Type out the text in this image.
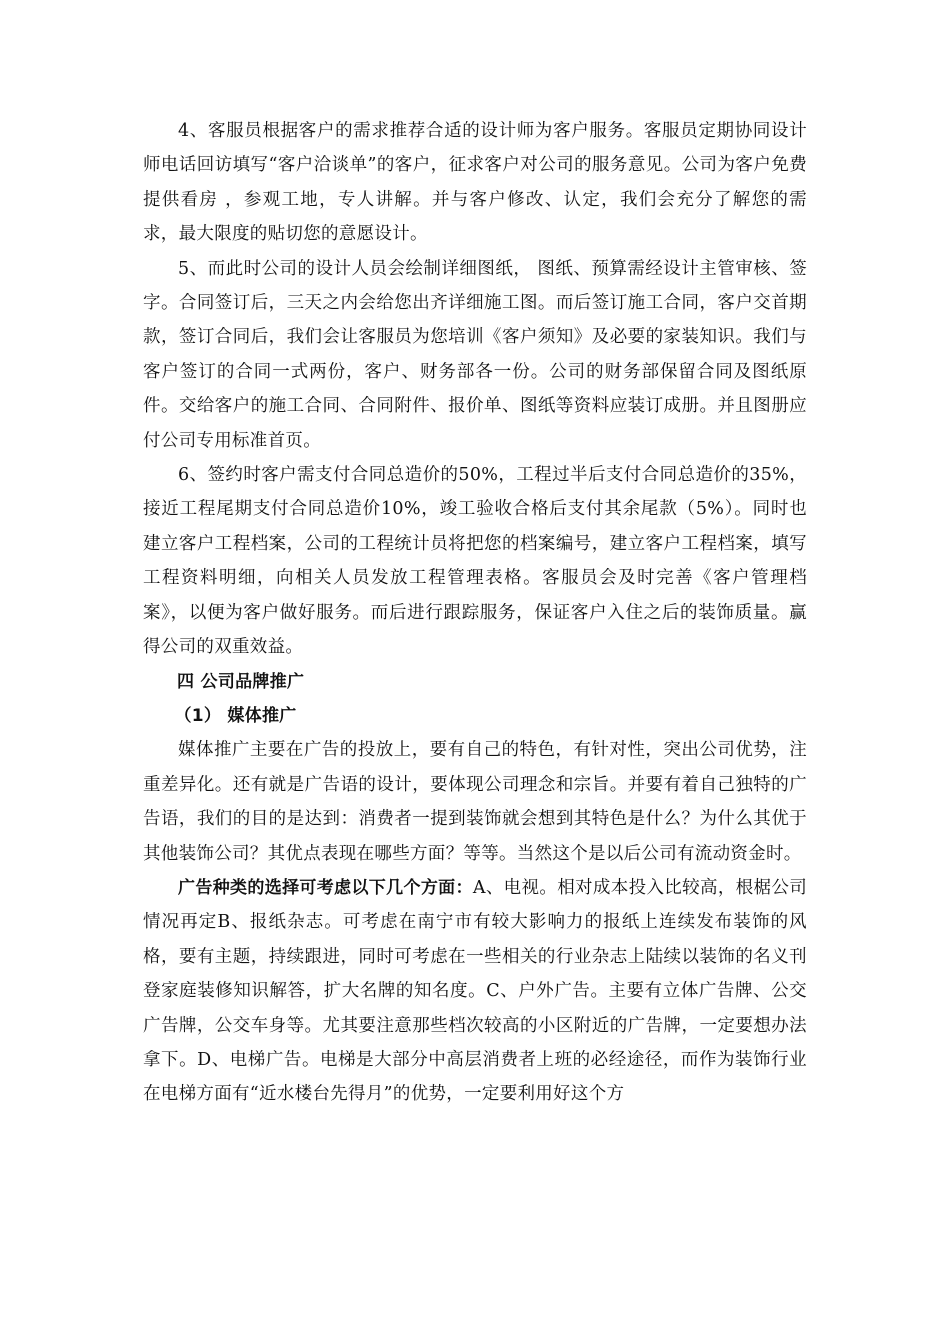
4、客服员根据客户的需求推荐合适的设计师为客户服务。客服员定期协同设计师电话回访填写“客户洽谈单”的客户，征求客户对公司的服务意见。公司为客户免费提供看房 ，参观工地，专人讲解。并与客户修改、认定，我们会充分了解您的需求，最大限度的贴切您的意愿设计。

5、而此时公司的设计人员会绘制详细图纸， 图纸、预算需经设计主管审核、签字。合同签订后，三天之内会给您出齐详细施工图。而后签订施工合同，客户交首期款，签订合同后，我们会让客服员为您培训《客户须知》及必要的家装知识。我们与客户签订的合同一式两份，客户、财务部各一份。公司的财务部保留合同及图纸原件。交给客户的施工合同、合同附件、报价单、图纸等资料应装订成册。并且图册应付公司专用标准首页。

6、签约时客户需支付合同总造价的50%，工程过半后支付合同总造价的35%，接近工程尾期支付合同总造价10%，竣工验收合格后支付其余尾款（5%）。同时也建立客户工程档案，公司的工程统计员将把您的档案编号，建立客户工程档案，填写工程资料明细，向相关人员发放工程管理表格。客服员会及时完善《客户管理档案》，以便为客户做好服务。而后进行跟踪服务，保证客户入住之后的装饰质量。赢得公司的双重效益。

四 公司品牌推广

（1） 媒体推广

媒体推广主要在广告的投放上，要有自己的特色，有针对性，突出公司优势，注重差异化。还有就是广告语的设计，要体现公司理念和宗旨。并要有着自己独特的广告语，我们的目的是达到：消费者一提到装饰就会想到其特色是什么？为什么其优于其他装饰公司？其优点表现在哪些方面？等等。当然这个是以后公司有流动资金时。

广告种类的选择可考虑以下几个方面：A、电视。相对成本投入比较高，根椐公司情况再定B、报纸杂志。可考虑在南宁市有较大影响力的报纸上连续发布装饰的风格，要有主题，持续跟进，同时可考虑在一些相关的行业杂志上陆续以装饰的名义刊登家庭装修知识解答，扩大名牌的知名度。C、户外广告。主要有立体广告牌、公交广告牌，公交车身等。尤其要注意那些档次较高的小区附近的广告牌，一定要想办法拿下。D、电梯广告。电梯是大部分中高层消费者上班的必经途径，而作为装饰行业在电梯方面有“近水楼台先得月”的优势，一定要利用好这个方
